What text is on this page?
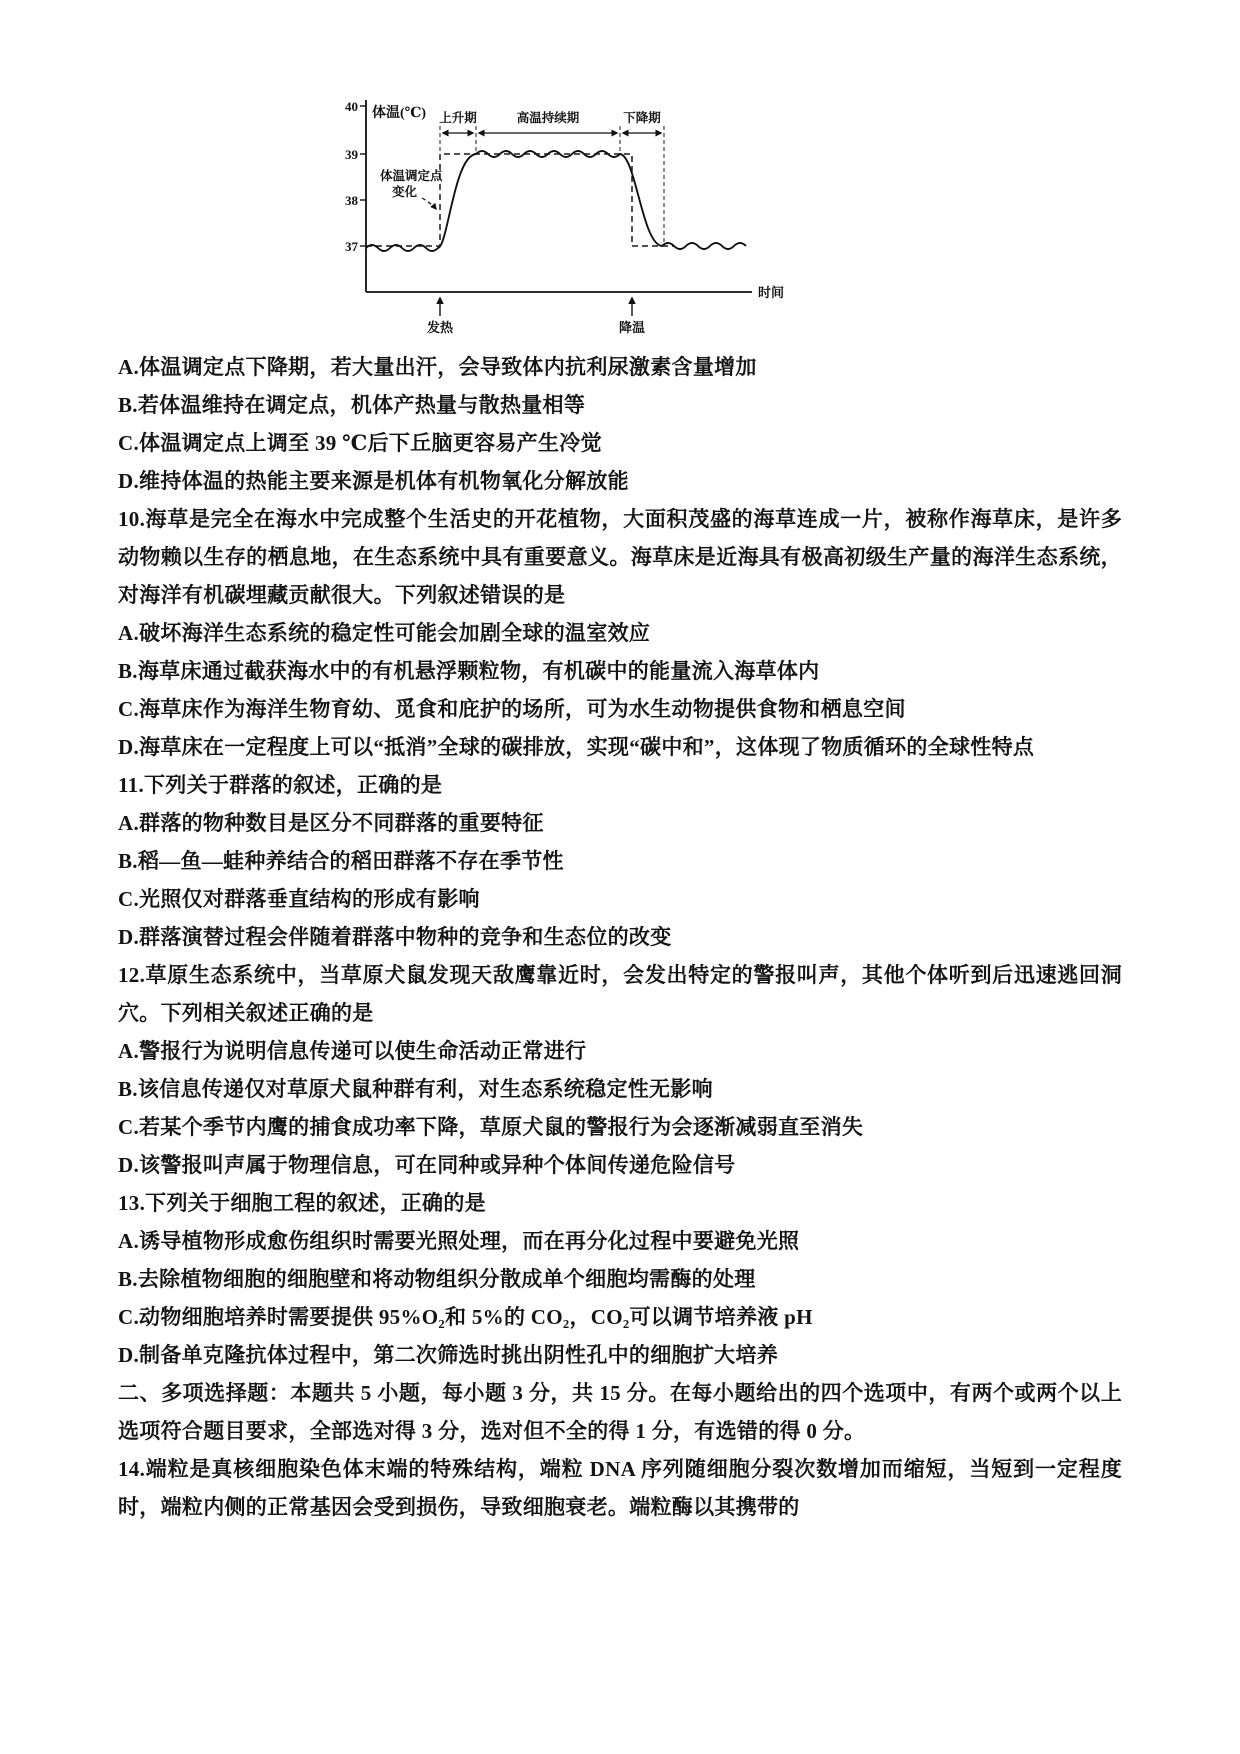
40
39
38
37
体温(℃)
时间
上升期	高温持续期	下降期
体温调定点
变化
发热	降温

A.体温调定点下降期，若大量出汗，会导致体内抗利尿激素含量增加

B.若体温维持在调定点，机体产热量与散热量相等

C.体温调定点上调至 39 ℃后下丘脑更容易产生冷觉

D.维持体温的热能主要来源是机体有机物氧化分解放能

10.海草是完全在海水中完成整个生活史的开花植物，大面积茂盛的海草连成一片，被称作海草床，是许多动物赖以生存的栖息地，在生态系统中具有重要意义。海草床是近海具有极高初级生产量的海洋生态系统，对海洋有机碳埋藏贡献很大。下列叙述错误的是

A.破坏海洋生态系统的稳定性可能会加剧全球的温室效应

B.海草床通过截获海水中的有机悬浮颗粒物，有机碳中的能量流入海草体内

C.海草床作为海洋生物育幼、觅食和庇护的场所，可为水生动物提供食物和栖息空间

D.海草床在一定程度上可以“抵消”全球的碳排放，实现“碳中和”，这体现了物质循环的全球性特点

11.下列关于群落的叙述，正确的是

A.群落的物种数目是区分不同群落的重要特征

B.稻—鱼—蛙种养结合的稻田群落不存在季节性

C.光照仅对群落垂直结构的形成有影响

D.群落演替过程会伴随着群落中物种的竞争和生态位的改变

12.草原生态系统中，当草原犬鼠发现天敌鹰靠近时，会发出特定的警报叫声，其他个体听到后迅速逃回洞穴。下列相关叙述正确的是

A.警报行为说明信息传递可以使生命活动正常进行

B.该信息传递仅对草原犬鼠种群有利，对生态系统稳定性无影响

C.若某个季节内鹰的捕食成功率下降，草原犬鼠的警报行为会逐渐减弱直至消失

D.该警报叫声属于物理信息，可在同种或异种个体间传递危险信号

13.下列关于细胞工程的叙述，正确的是

A.诱导植物形成愈伤组织时需要光照处理，而在再分化过程中要避免光照

B.去除植物细胞的细胞壁和将动物组织分散成单个细胞均需酶的处理

C.动物细胞培养时需要提供 95%O₂和 5%的 CO₂，CO₂可以调节培养液 pH

D.制备单克隆抗体过程中，第二次筛选时挑出阴性孔中的细胞扩大培养

二、多项选择题：本题共 5 小题，每小题 3 分，共 15 分。在每小题给出的四个选项中，有两个或两个以上选项符合题目要求，全部选对得 3 分，选对但不全的得 1 分，有选错的得 0 分。

14.端粒是真核细胞染色体末端的特殊结构，端粒 DNA 序列随细胞分裂次数增加而缩短，当短到一定程度时，端粒内侧的正常基因会受到损伤，导致细胞衰老。端粒酶以其携带的
